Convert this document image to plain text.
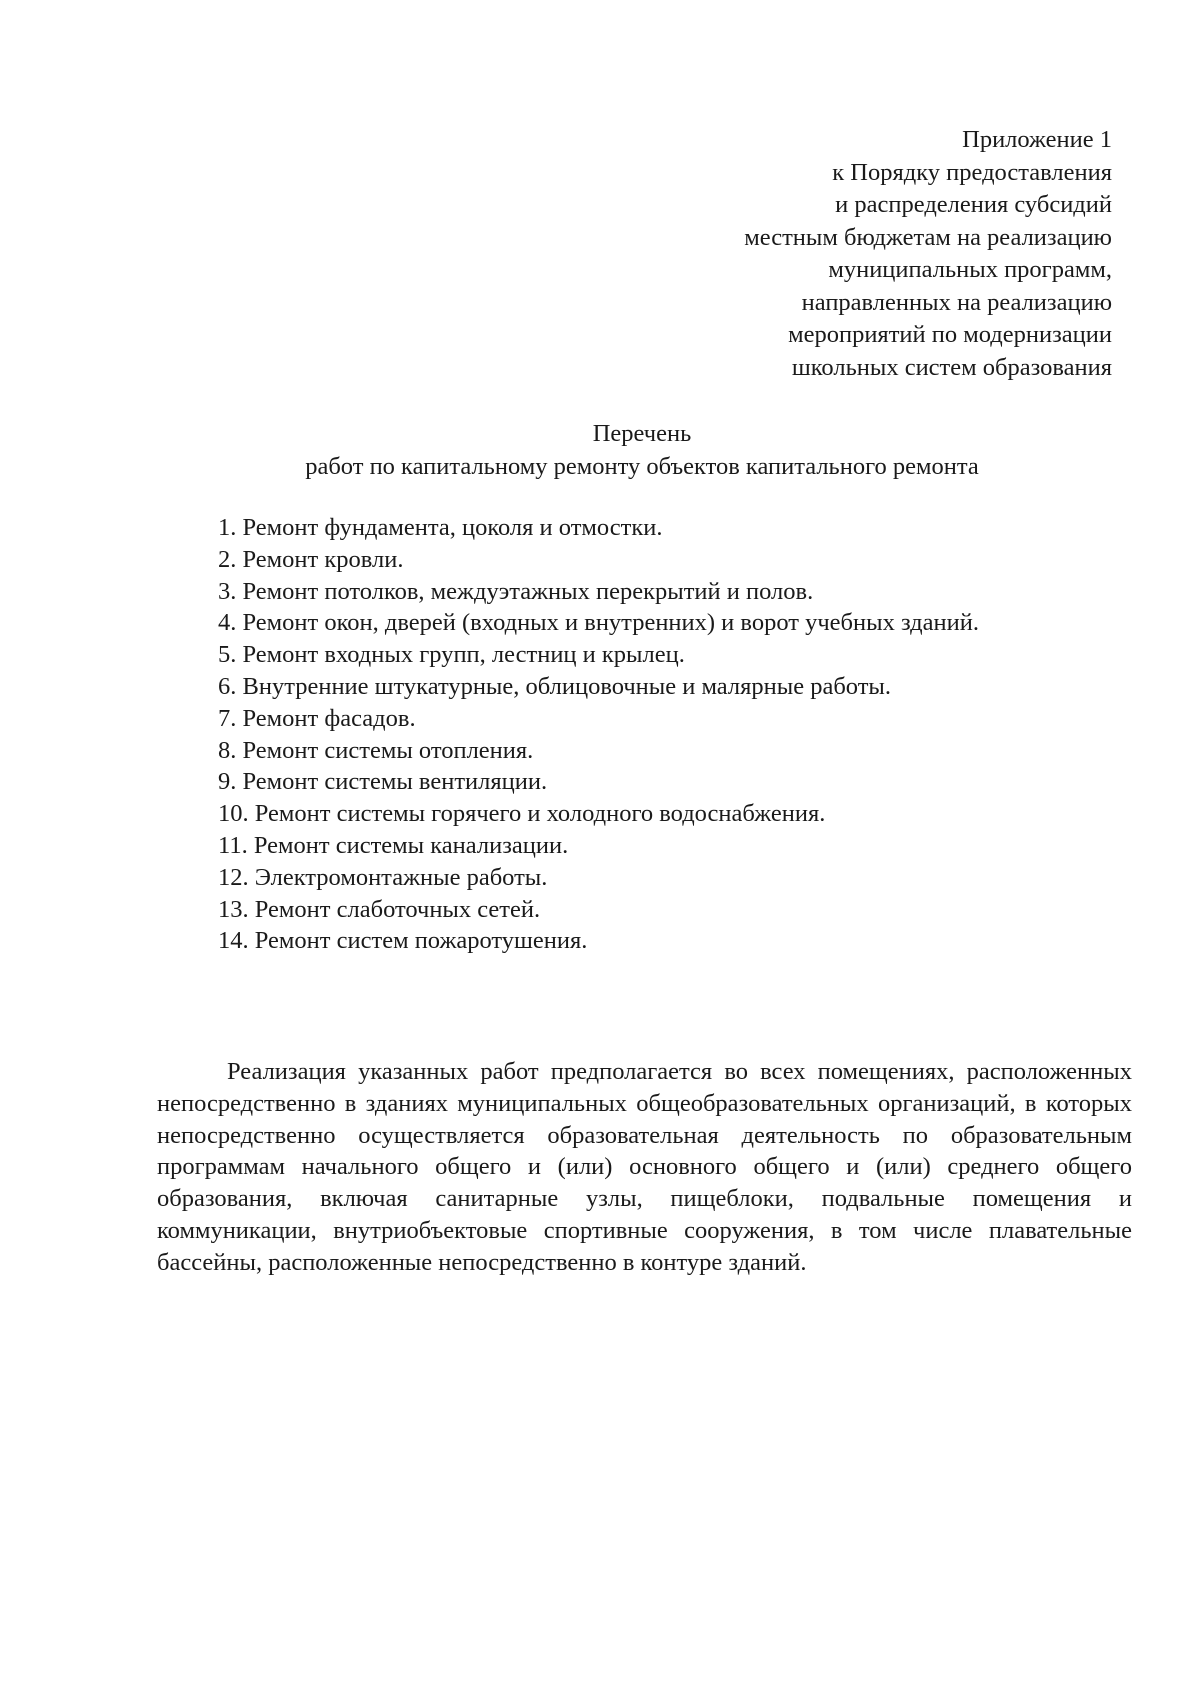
Приложение 1
к Порядку предоставления
и распределения субсидий
местным бюджетам на реализацию
муниципальных программ,
направленных на реализацию
мероприятий по модернизации
школьных систем образования
Перечень
работ по капитальному ремонту объектов капитального ремонта
1. Ремонт фундамента, цоколя и отмостки.
2. Ремонт кровли.
3. Ремонт потолков, междуэтажных перекрытий и полов.
4. Ремонт окон, дверей (входных и внутренних) и ворот учебных зданий.
5. Ремонт входных групп, лестниц и крылец.
6. Внутренние штукатурные, облицовочные и малярные работы.
7. Ремонт фасадов.
8. Ремонт системы отопления.
9. Ремонт системы вентиляции.
10. Ремонт системы горячего и холодного водоснабжения.
11. Ремонт системы канализации.
12. Электромонтажные работы.
13. Ремонт слаботочных сетей.
14. Ремонт систем пожаротушения.

Реализация указанных работ предполагается во всех помещениях, расположенных непосредственно в зданиях муниципальных общеобразовательных организаций, в которых непосредственно осуществляется образовательная деятельность по образовательным программам начального общего и (или) основного общего и (или) среднего общего образования, включая санитарные узлы, пищеблоки, подвальные помещения и коммуникации, внутриобъектовые спортивные сооружения, в том числе плавательные бассейны, расположенные непосредственно в контуре зданий.
